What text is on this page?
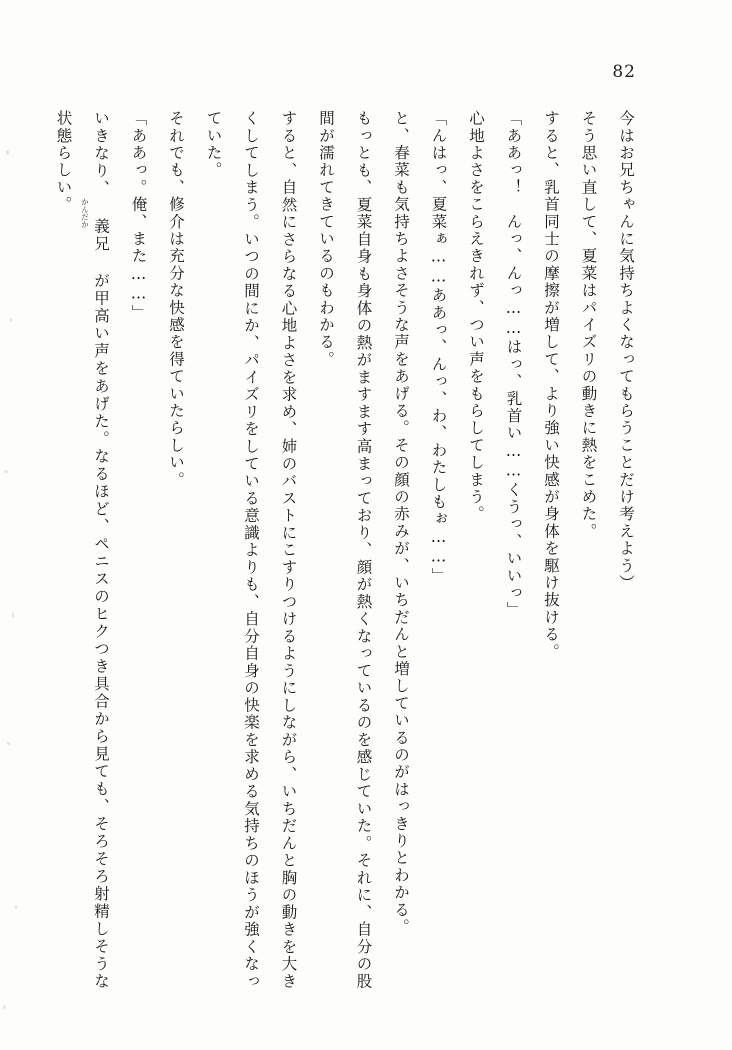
82

今はお兄ちゃんに気持ちよくなってもらうことだけ考えよう）

そう思い直して、夏菜はパイズリの動きに熱をこめた。

すると、乳首同士の摩擦が増して、より強い快感が身体を駆け抜ける。

「ああっ！　んっ、んっ……はっ、乳首い……くうっ、いいっ」

心地よさをこらえきれず、つい声をもらしてしまう。

「んはっ、夏菜ぁ……ああっ、んっ、わ、わたしもぉ……」

と、春菜も気持ちよさそうな声をあげる。その顔の赤みが、いちだんと増しているのがはっきりとわかる。

もっとも、夏菜自身も身体の熱がますます高まっており、顔が熱くなっているのを感じていた。それに、自分の股間が濡れてきているのもわかる。

すると、自然にさらなる心地よさを求め、姉のバストにこすりつけるようにしながら、いちだんと胸の動きを大きくしてしまう。いつの間にか、パイズリをしている意識よりも、自分自身の快楽を求める気持ちのほうが強くなっていた。

それでも、修介は充分な快感を得ていたらしい。

「ああっ。俺、また……」

いきなり、 義兄
かんだか
が甲高い声をあげた。なるほど、ペニスのヒクつき具合から見ても、そろそろ射精しそうな状態らしい。
